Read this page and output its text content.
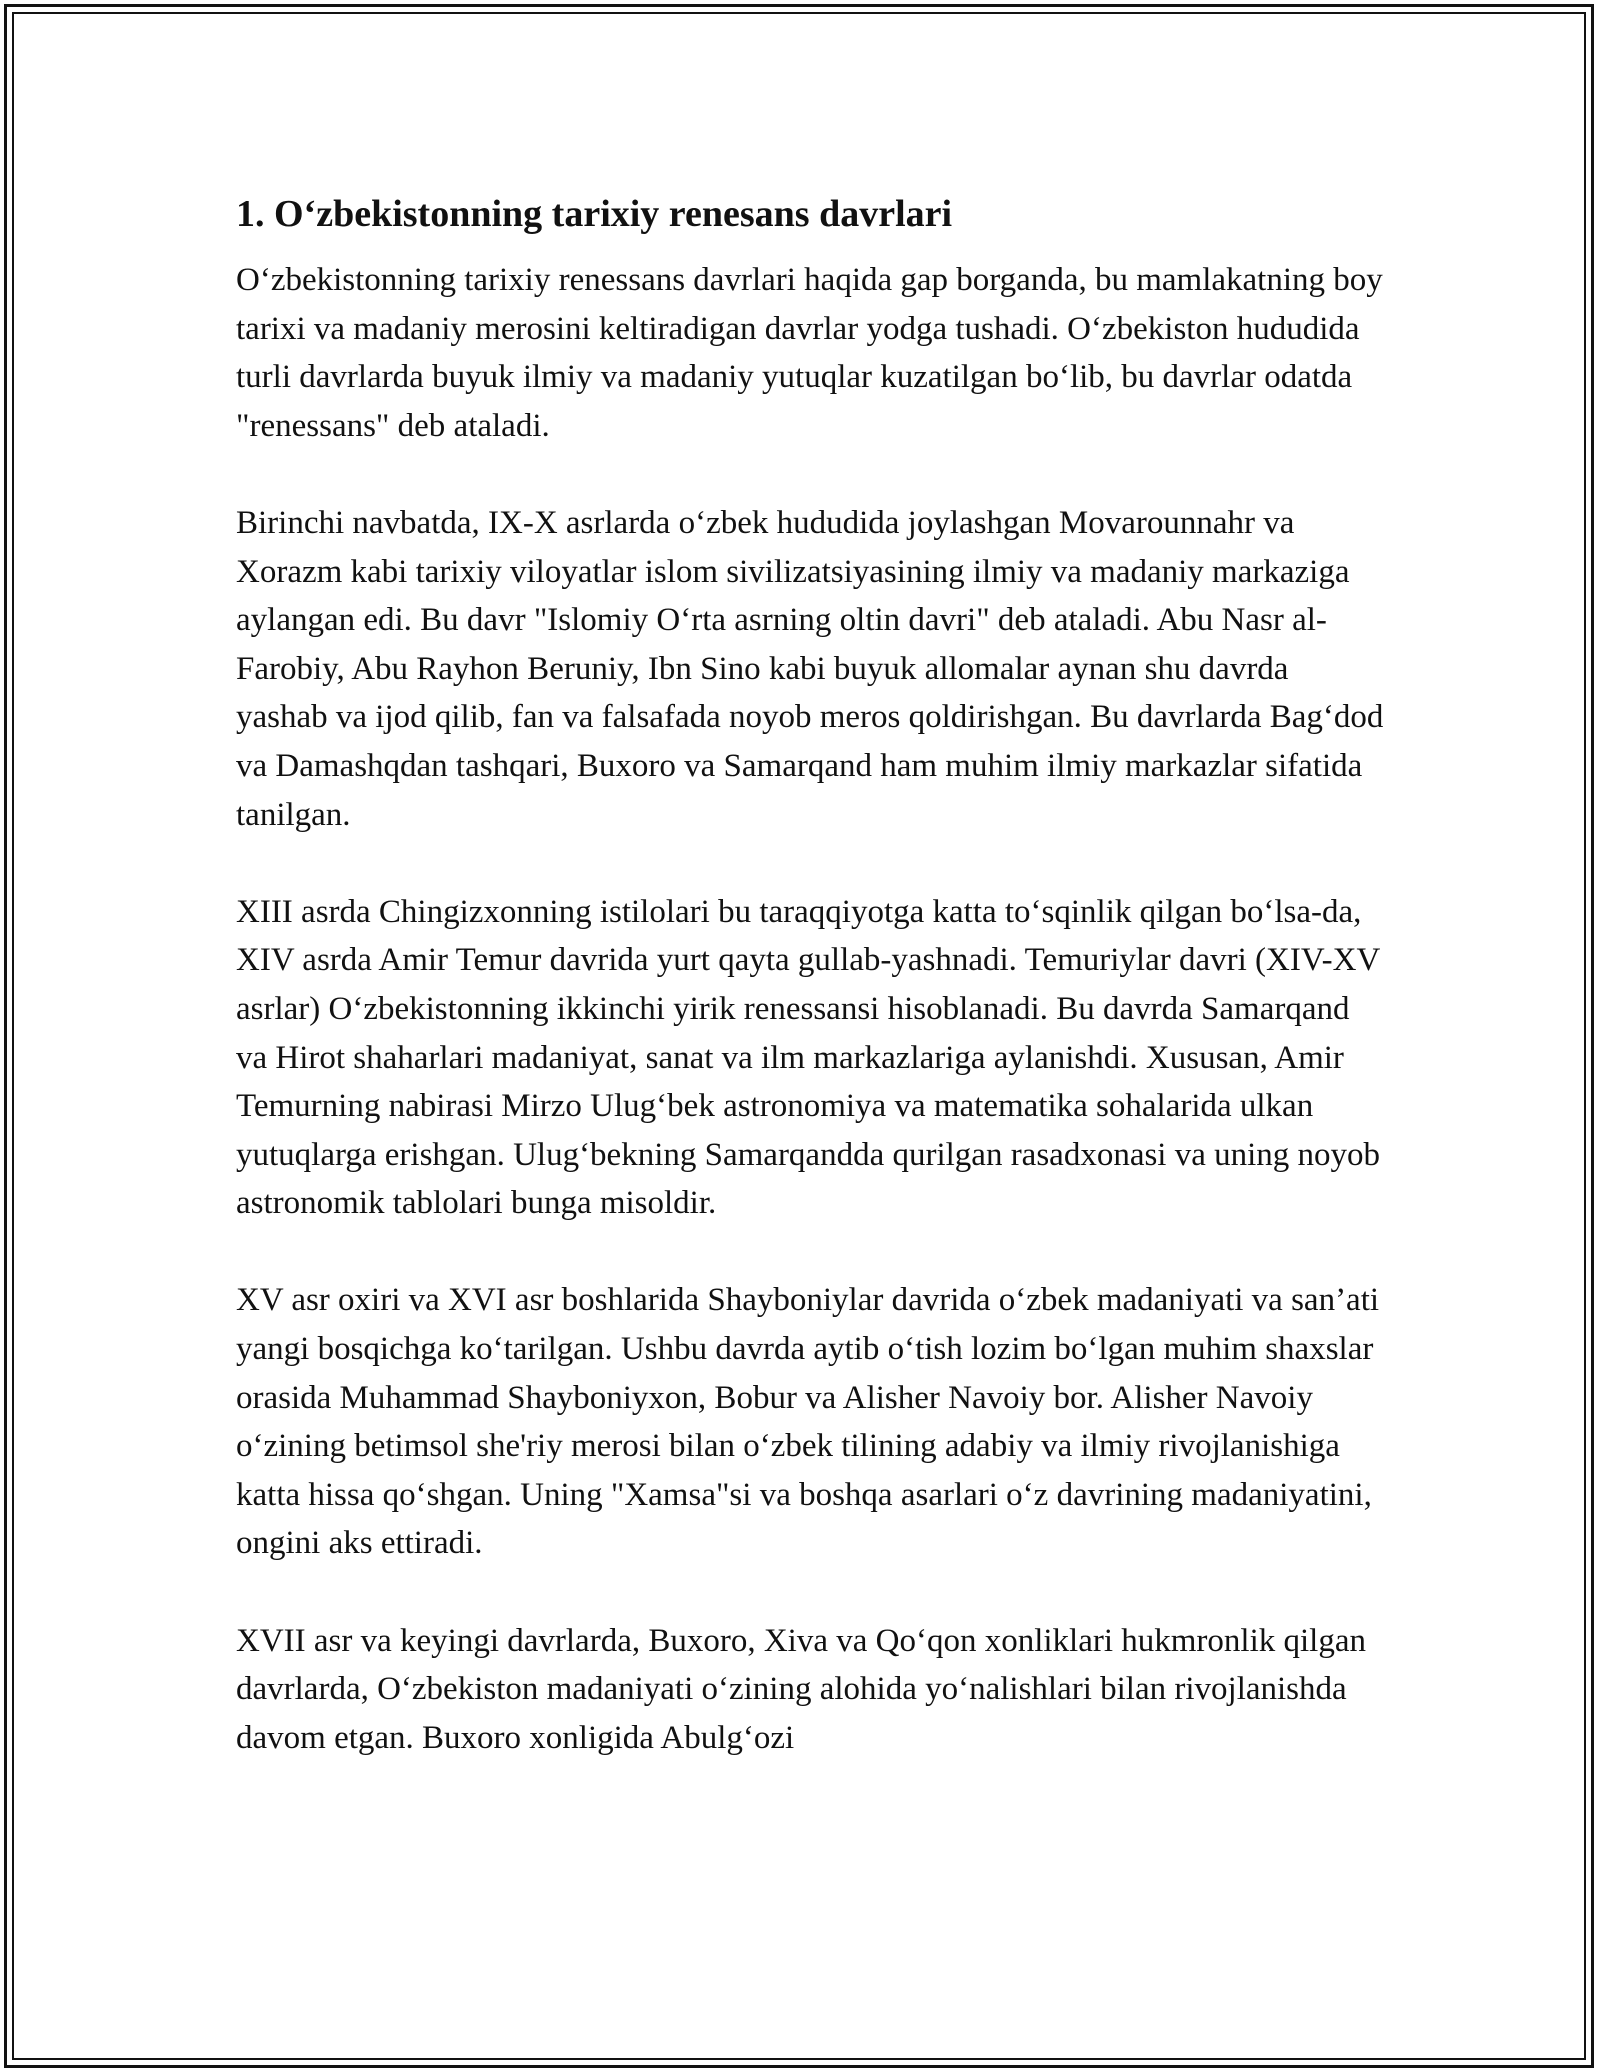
1. Oʻzbekistonning tarixiy renesans davrlari

Oʻzbekistonning tarixiy renessans davrlari haqida gap borganda, bu mamlakatning boy tarixi va madaniy merosini keltiradigan davrlar yodga tushadi. Oʻzbekiston hududida turli davrlarda buyuk ilmiy va madaniy yutuqlar kuzatilgan boʻlib, bu davrlar odatda "renessans" deb ataladi.

Birinchi navbatda, IX-X asrlarda oʻzbek hududida joylashgan Movarounnahr va Xorazm kabi tarixiy viloyatlar islom sivilizatsiyasining ilmiy va madaniy markaziga aylangan edi. Bu davr "Islomiy Oʻrta asrning oltin davri" deb ataladi. Abu Nasr al-Farobiy, Abu Rayhon Beruniy, Ibn Sino kabi buyuk allomalar aynan shu davrda yashab va ijod qilib, fan va falsafada noyob meros qoldirishgan. Bu davrlarda Bagʻdod va Damashqdan tashqari, Buxoro va Samarqand ham muhim ilmiy markazlar sifatida tanilgan.

XIII asrda Chingizxonning istilolari bu taraqqiyotga katta toʻsqinlik qilgan boʻlsa-da, XIV asrda Amir Temur davrida yurt qayta gullab-yashnadi. Temuriylar davri (XIV-XV asrlar) Oʻzbekistonning ikkinchi yirik renessansi hisoblanadi. Bu davrda Samarqand va Hirot shaharlari madaniyat, sanat va ilm markazlariga aylanishdi. Xususan, Amir Temurning nabirasi Mirzo Ulugʻbek astronomiya va matematika sohalarida ulkan yutuqlarga erishgan. Ulugʻbekning Samarqandda qurilgan rasadxonasi va uning noyob astronomik tablolari bunga misoldir.

XV asr oxiri va XVI asr boshlarida Shayboniylar davrida oʻzbek madaniyati va san’ati yangi bosqichga koʻtarilgan. Ushbu davrda aytib oʻtish lozim boʻlgan muhim shaxslar orasida Muhammad Shayboniyxon, Bobur va Alisher Navoiy bor. Alisher Navoiy oʻzining betimsol she'riy merosi bilan oʻzbek tilining adabiy va ilmiy rivojlanishiga katta hissa qoʻshgan. Uning "Xamsa"si va boshqa asarlari oʻz davrining madaniyatini, ongini aks ettiradi.

XVII asr va keyingi davrlarda, Buxoro, Xiva va Qoʻqon xonliklari hukmronlik qilgan davrlarda, Oʻzbekiston madaniyati oʻzining alohida yoʻnalishlari bilan rivojlanishda davom etgan. Buxoro xonligida Abulgʻozi
